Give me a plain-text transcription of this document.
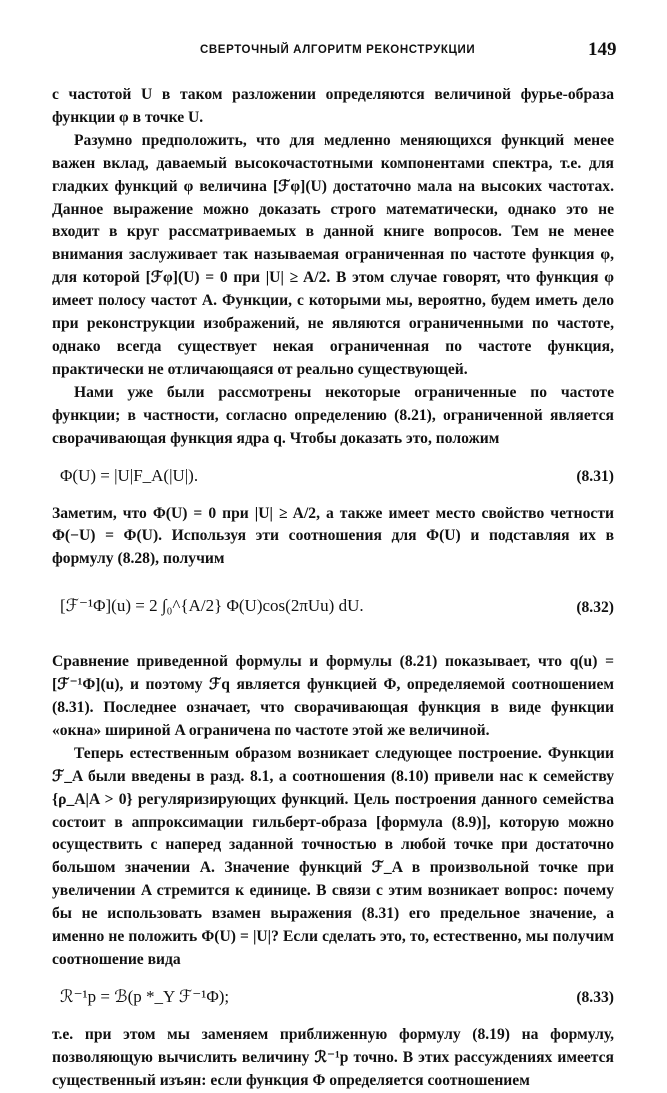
СВЕРТОЧНЫЙ АЛГОРИТМ РЕКОНСТРУКЦИИ	149

с частотой U в таком разложении определяются величиной фурье-образа функции φ в точке U.

Разумно предположить, что для медленно меняющихся функций менее важен вклад, даваемый высокочастотными компонентами спектра, т.е. для гладких функций φ величина [ℱφ](U) достаточно мала на высоких частотах. Данное выражение можно доказать строго математически, однако это не входит в круг рассматриваемых в данной книге вопросов. Тем не менее внимания заслуживает так называемая ограниченная по частоте функция φ, для которой [ℱφ](U) = 0 при |U| ≥ A/2. В этом случае говорят, что функция φ имеет полосу частот A. Функции, с которыми мы, вероятно, будем иметь дело при реконструкции изображений, не являются ограниченными по частоте, однако всегда существует некая ограниченная по частоте функция, практически не отличающаяся от реально существующей.

Нами уже были рассмотрены некоторые ограниченные по частоте функции; в частности, согласно определению (8.21), ограниченной является сворачивающая функция ядра q. Чтобы доказать это, положим

Φ(U) = |U|F_A(|U|).	(8.31)

Заметим, что Φ(U) = 0 при |U| ≥ A/2, а также имеет место свойство четности Φ(−U) = Φ(U). Используя эти соотношения для Φ(U) и подставляя их в формулу (8.28), получим

[ℱ⁻¹Φ](u) = 2 ∫₀^{A/2} Φ(U)cos(2πUu) dU.	(8.32)

Сравнение приведенной формулы и формулы (8.21) показывает, что q(u) = [ℱ⁻¹Φ](u), и поэтому ℱq является функцией Φ, определяемой соотношением (8.31). Последнее означает, что сворачивающая функция в виде функции «окна» шириной A ограничена по частоте этой же величиной.

Теперь естественным образом возникает следующее построение. Функции ℱ_A были введены в разд. 8.1, а соотношения (8.10) привели нас к семейству {ρ_A|A > 0} регуляризирующих функций. Цель построения данного семейства состоит в аппроксимации гильберт-образа [формула (8.9)], которую можно осуществить с наперед заданной точностью в любой точке при достаточно большом значении A. Значение функций ℱ_A в произвольной точке при увеличении A стремится к единице. В связи с этим возникает вопрос: почему бы не использовать взамен выражения (8.31) его предельное значение, а именно не положить Φ(U) = |U|? Если сделать это, то, естественно, мы получим соотношение вида

ℛ⁻¹p = ℬ(p *_Y ℱ⁻¹Φ);	(8.33)

т.е. при этом мы заменяем приближенную формулу (8.19) на формулу, позволяющую вычислить величину ℛ⁻¹p точно. В этих рассуждениях имеется существенный изъян: если функция Φ определяется соотношением
